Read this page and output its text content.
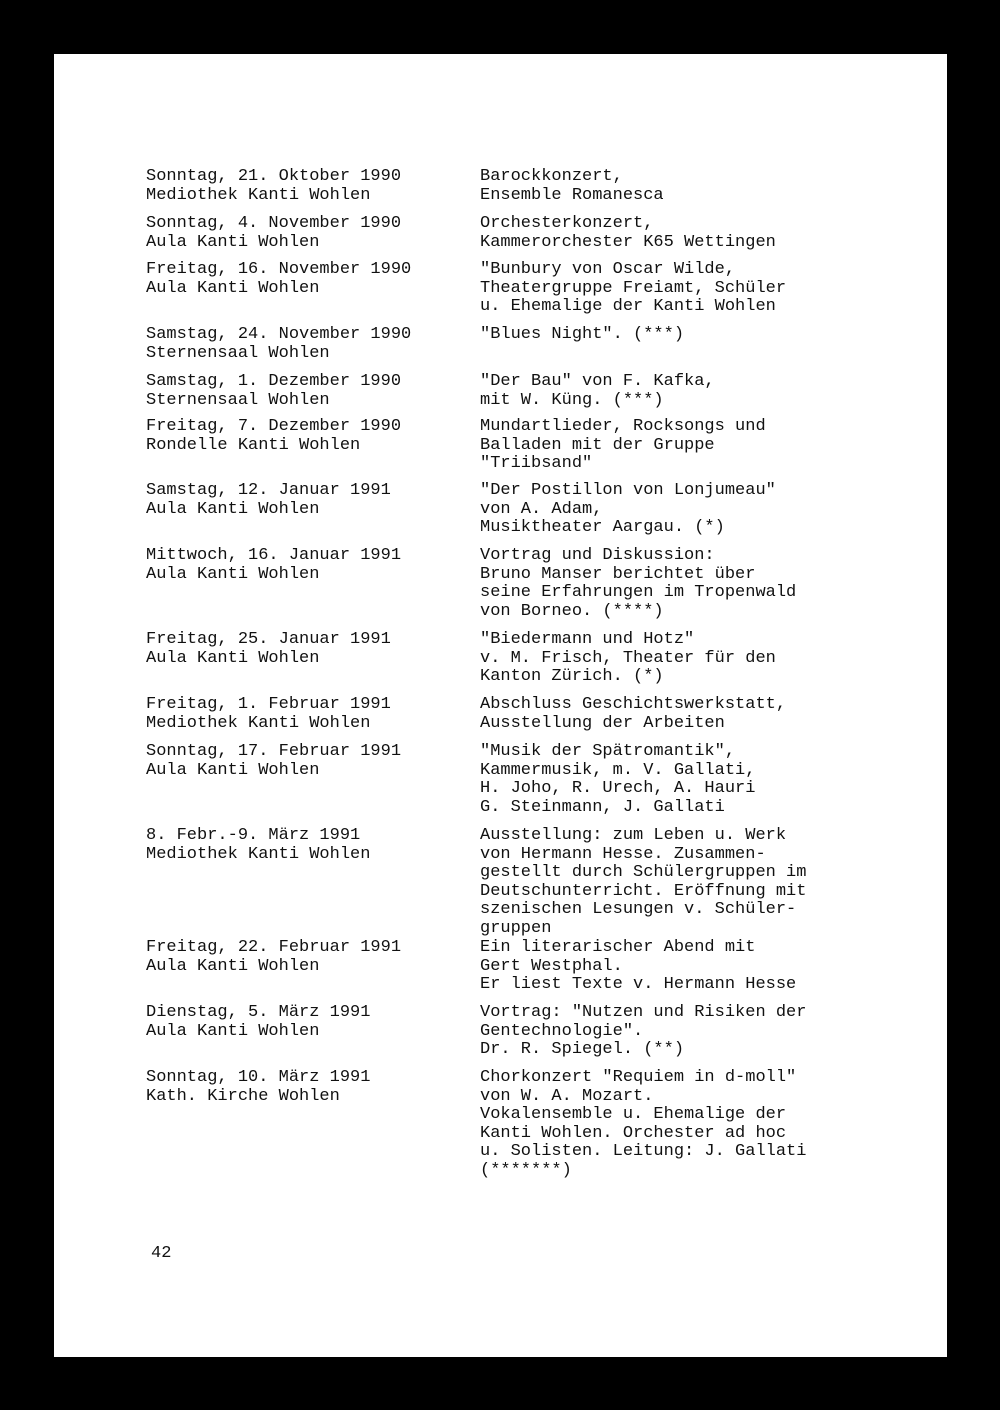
Sonntag, 21. Oktober 1990
Mediothek Kanti Wohlen
Barockkonzert,
Ensemble Romanesca
Sonntag, 4. November 1990
Aula Kanti Wohlen
Orchesterkonzert,
Kammerorchester K65 Wettingen
Freitag, 16. November 1990
Aula Kanti Wohlen
"Bunbury von Oscar Wilde,
Theatergruppe Freiamt, Schüler
u. Ehemalige der Kanti Wohlen
Samstag, 24. November 1990
Sternensaal Wohlen
"Blues Night". (***)
Samstag, 1. Dezember 1990
Sternensaal Wohlen
"Der Bau" von F. Kafka,
mit W. Küng. (***)
Freitag, 7. Dezember 1990
Rondelle Kanti Wohlen
Mundartlieder, Rocksongs und
Balladen mit der Gruppe
"Triibsand"
Samstag, 12. Januar 1991
Aula Kanti Wohlen
"Der Postillon von Lonjumeau"
von A. Adam,
Musiktheater Aargau. (*)
Mittwoch, 16. Januar 1991
Aula Kanti Wohlen
Vortrag und Diskussion:
Bruno Manser berichtet über
seine Erfahrungen im Tropenwald
von Borneo. (****)
Freitag, 25. Januar 1991
Aula Kanti Wohlen
"Biedermann und Hotz"
v. M. Frisch, Theater für den
Kanton Zürich. (*)
Freitag, 1. Februar 1991
Mediothek Kanti Wohlen
Abschluss Geschichtswerkstatt,
Ausstellung der Arbeiten
Sonntag, 17. Februar 1991
Aula Kanti Wohlen
"Musik der Spätromantik",
Kammermusik, m. V. Gallati,
H. Joho, R. Urech, A. Hauri
G. Steinmann, J. Gallati
8. Febr.-9. März 1991
Mediothek Kanti Wohlen
Ausstellung: zum Leben u. Werk
von Hermann Hesse. Zusammen-
gestellt durch Schülergruppen im
Deutschunterricht. Eröffnung mit
szenischen Lesungen v. Schüler-
gruppen
Freitag, 22. Februar 1991
Aula Kanti Wohlen
Ein literarischer Abend mit
Gert Westphal.
Er liest Texte v. Hermann Hesse
Dienstag, 5. März 1991
Aula Kanti Wohlen
Vortrag: "Nutzen und Risiken der
Gentechnologie".
Dr. R. Spiegel. (**)
Sonntag, 10. März 1991
Kath. Kirche Wohlen
Chorkonzert "Requiem in d-moll"
von W. A. Mozart.
Vokalensemble u. Ehemalige der
Kanti Wohlen. Orchester ad hoc
u. Solisten. Leitung: J. Gallati
(*******)
42
